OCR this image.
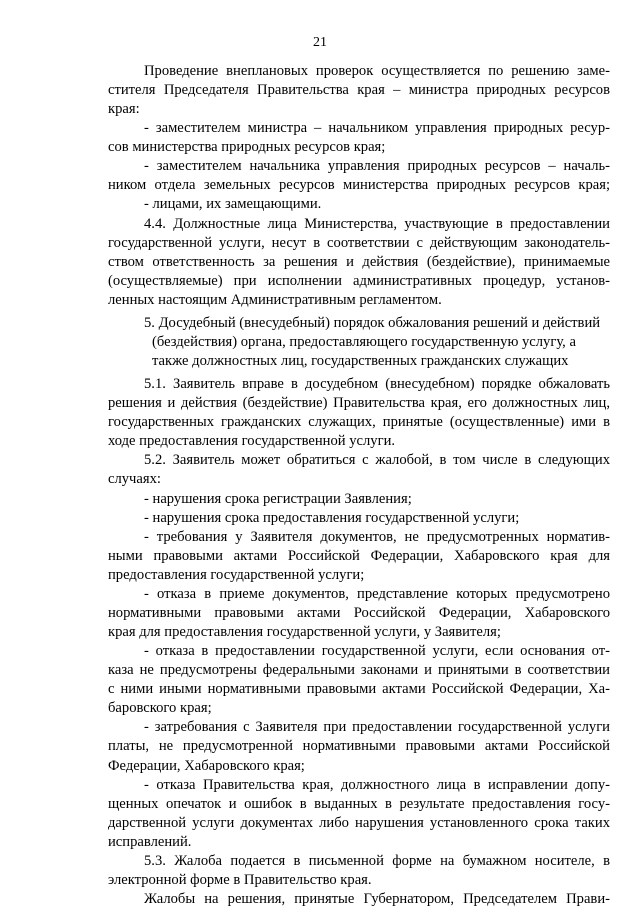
21
Проведение внеплановых проверок осуществляется по решению заме-
стителя Председателя Правительства края – министра природных ресурсов
края:
- заместителем министра – начальником управления природных ресур-
сов министерства природных ресурсов края;
- заместителем начальника управления природных ресурсов – началь-
ником отдела земельных ресурсов министерства природных ресурсов края;
- лицами, их замещающими.
4.4. Должностные лица Министерства, участвующие в предоставлении
государственной услуги, несут в соответствии с действующим законодатель-
ством ответственность за решения и действия (бездействие), принимаемые
(осуществляемые) при исполнении административных процедур, установ-
ленных настоящим Административным регламентом.
5. Досудебный (внесудебный) порядок обжалования решений и действий
(бездействия) органа, предоставляющего государственную услугу, а
также должностных лиц, государственных гражданских служащих
5.1. Заявитель вправе в досудебном (внесудебном) порядке обжаловать
решения и действия (бездействие) Правительства края, его должностных лиц,
государственных гражданских служащих, принятые (осуществленные) ими в
ходе предоставления государственной услуги.
5.2. Заявитель может обратиться с жалобой, в том числе в следующих
случаях:
- нарушения срока регистрации Заявления;
- нарушения срока предоставления государственной услуги;
- требования у Заявителя документов, не предусмотренных норматив-
ными правовыми актами Российской Федерации, Хабаровского края для
предоставления государственной услуги;
- отказа в приеме документов, представление которых предусмотрено
нормативными правовыми актами Российской Федерации, Хабаровского
края для предоставления государственной услуги, у Заявителя;
- отказа в предоставлении государственной услуги, если основания от-
каза не предусмотрены федеральными законами и принятыми в соответствии
с ними иными нормативными правовыми актами Российской Федерации, Ха-
баровского края;
- затребования с Заявителя при предоставлении государственной услуги
платы, не предусмотренной нормативными правовыми актами Российской
Федерации, Хабаровского края;
- отказа Правительства края, должностного лица в исправлении допу-
щенных опечаток и ошибок в выданных в результате предоставления госу-
дарственной услуги документах либо нарушения установленного срока таких
исправлений.
5.3. Жалоба подается в письменной форме на бумажном носителе, в
электронной форме в Правительство края.
Жалобы на решения, принятые Губернатором, Председателем Прави-
